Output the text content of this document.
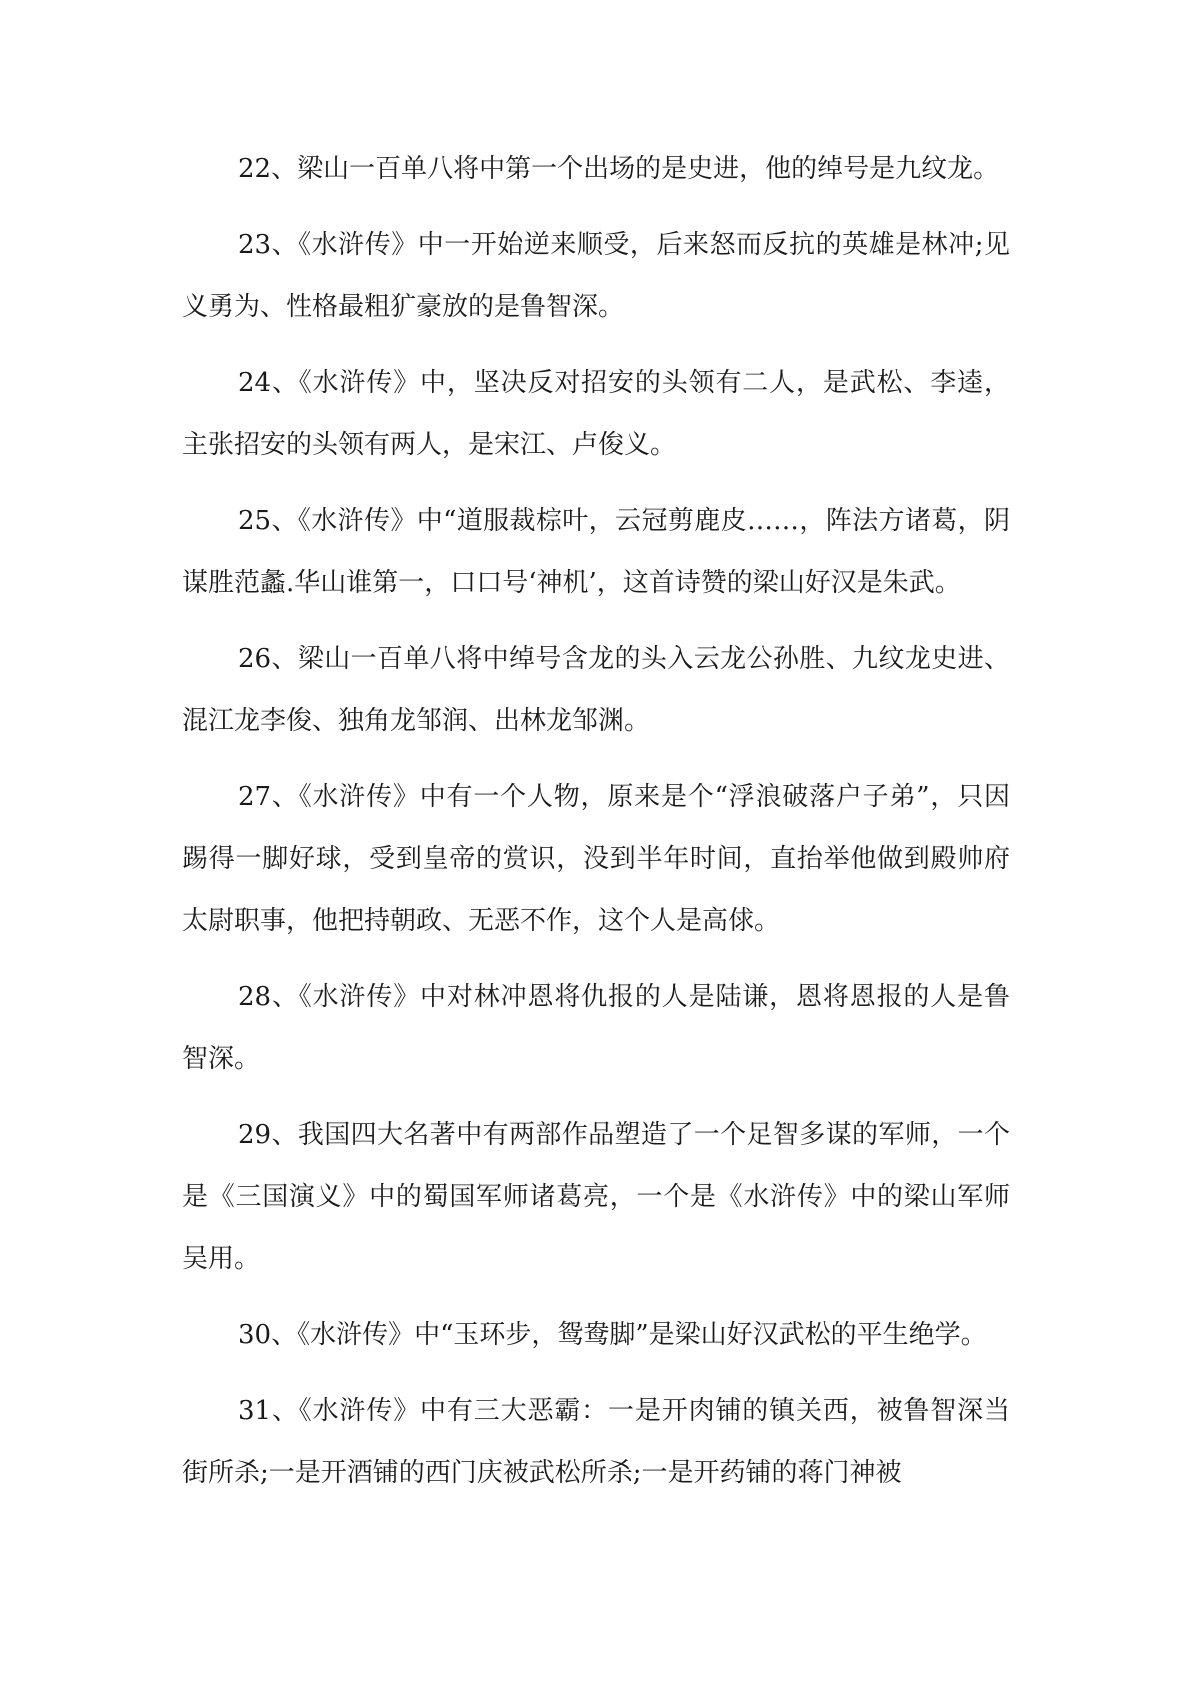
22、梁山一百单八将中第一个出场的是史进，他的绰号是九纹龙。

23、《水浒传》中一开始逆来顺受，后来怒而反抗的英雄是林冲;见义勇为、性格最粗犷豪放的是鲁智深。

24、《水浒传》中，坚决反对招安的头领有二人，是武松、李逵，主张招安的头领有两人，是宋江、卢俊义。

25、《水浒传》中“道服裁棕叶，云冠剪鹿皮……，阵法方诸葛，阴谋胜范蠡.华山谁第一，口口号‘神机’，这首诗赞的梁山好汉是朱武。

26、梁山一百单八将中绰号含龙的头入云龙公孙胜、九纹龙史进、混江龙李俊、独角龙邹润、出林龙邹渊。

27、《水浒传》中有一个人物，原来是个“浮浪破落户子弟”，只因踢得一脚好球，受到皇帝的赏识，没到半年时间，直抬举他做到殿帅府太尉职事，他把持朝政、无恶不作，这个人是高俅。

28、《水浒传》中对林冲恩将仇报的人是陆谦，恩将恩报的人是鲁智深。

29、我国四大名著中有两部作品塑造了一个足智多谋的军师，一个是《三国演义》中的蜀国军师诸葛亮，一个是《水浒传》中的梁山军师吴用。

30、《水浒传》中“玉环步，鸳鸯脚”是梁山好汉武松的平生绝学。

31、《水浒传》中有三大恶霸：一是开肉铺的镇关西，被鲁智深当街所杀;一是开酒铺的西门庆被武松所杀;一是开药铺的蒋门神被
